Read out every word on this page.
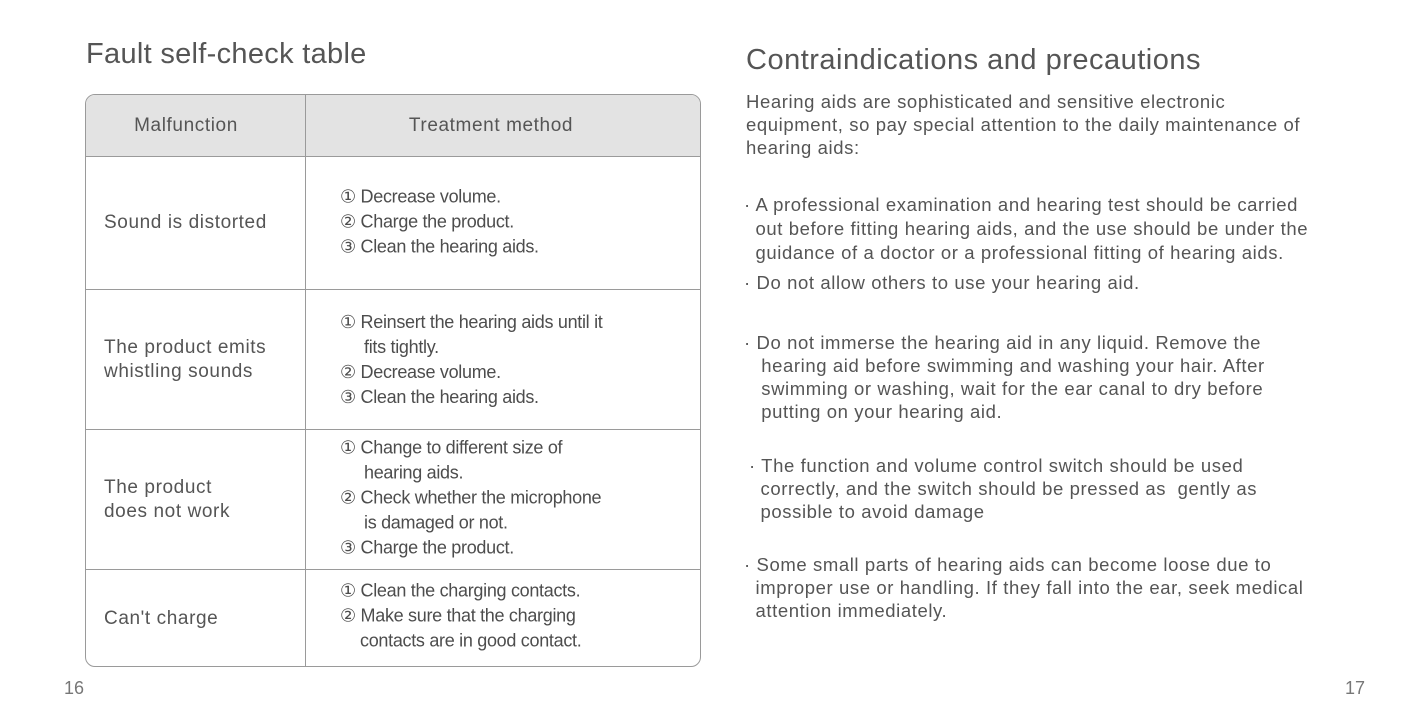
Fault self-check table
Malfunction	Treatment method
Sound is distorted
① Decrease volume.
② Charge the product.
③ Clean the hearing aids.
The product emits
whistling sounds
① Reinsert the hearing aids until it
fits tightly.
② Decrease volume.
③ Clean the hearing aids.
The product
does not work
① Change to different size of
hearing aids.
② Check whether the microphone
is damaged or not.
③ Charge the product.
Can't charge
① Clean the charging contacts.
② Make sure that the charging
contacts are in good contact.
16
Contraindications and precautions
Hearing aids are sophisticated and sensitive electronic
equipment, so pay special attention to the daily maintenance of
hearing aids:
· A professional examination and hearing test should be carried
out before fitting hearing aids, and the use should be under the
guidance of a doctor or a professional fitting of hearing aids.
· Do not allow others to use your hearing aid.
· Do not immerse the hearing aid in any liquid. Remove the
hearing aid before swimming and washing your hair. After
swimming or washing, wait for the ear canal to dry before
putting on your hearing aid.
· The function and volume control switch should be used
correctly, and the switch should be pressed as  gently as
possible to avoid damage
· Some small parts of hearing aids can become loose due to
improper use or handling. If they fall into the ear, seek medical
attention immediately.
17
